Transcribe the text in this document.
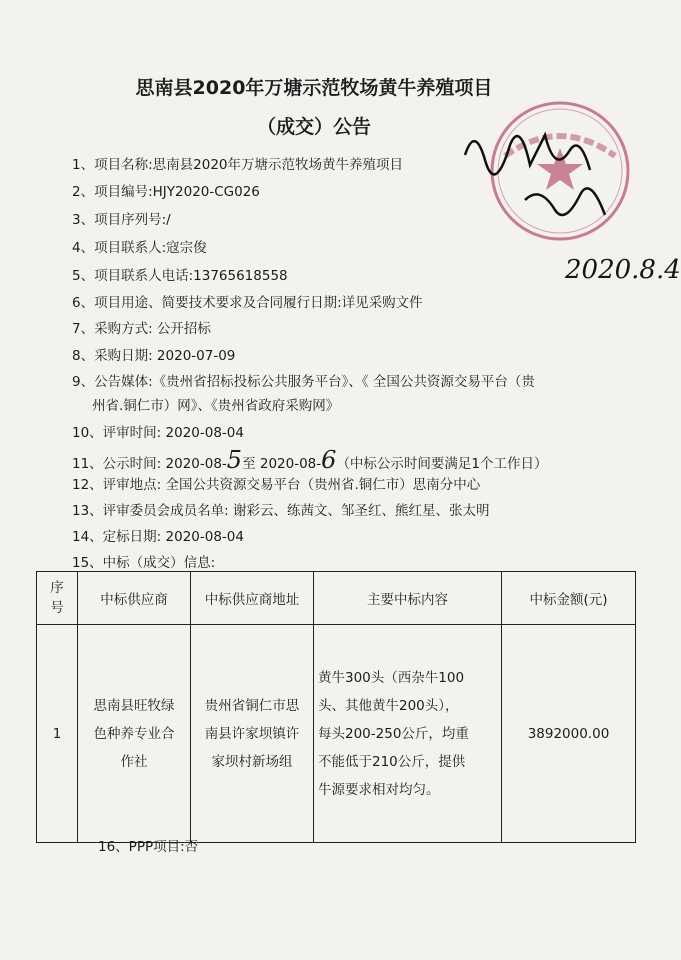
思南县2020年万塘示范牧场黄牛养殖项目
（成交）公告
2020.8.4
1、项目名称:思南县2020年万塘示范牧场黄牛养殖项目
2、项目编号:HJY2020-CG026
3、项目序列号:/
4、项目联系人:寇宗俊
5、项目联系人电话:13765618558
6、项目用途、简要技术要求及合同履行日期:详见采购文件
7、采购方式: 公开招标
8、采购日期: 2020-07-09
9、公告媒体:《贵州省招标投标公共服务平台》、《 全国公共资源交易平台（贵
州省.铜仁市）网》、《贵州省政府采购网》
10、评审时间: 2020-08-04
11、公示时间: 2020-08-5至 2020-08-6（中标公示时间要满足1个工作日）
12、评审地点: 全国公共资源交易平台（贵州省.铜仁市）思南分中心
13、评审委员会成员名单: 谢彩云、练茜文、邹圣红、熊红星、张太明
14、定标日期: 2020-08-04
15、中标（成交）信息:
序
号	中标供应商	中标供应商地址	主要中标内容	中标金额(元)
1	思南县旺牧绿
色种养专业合
作社	贵州省铜仁市思
南县许家坝镇许
家坝村新场组	黄牛300头（西杂牛100
头、其他黄牛200头），
每头200-250公斤，均重
不能低于210公斤，提供
牛源要求相对均匀。	3892000.00
16、PPP项目:否
